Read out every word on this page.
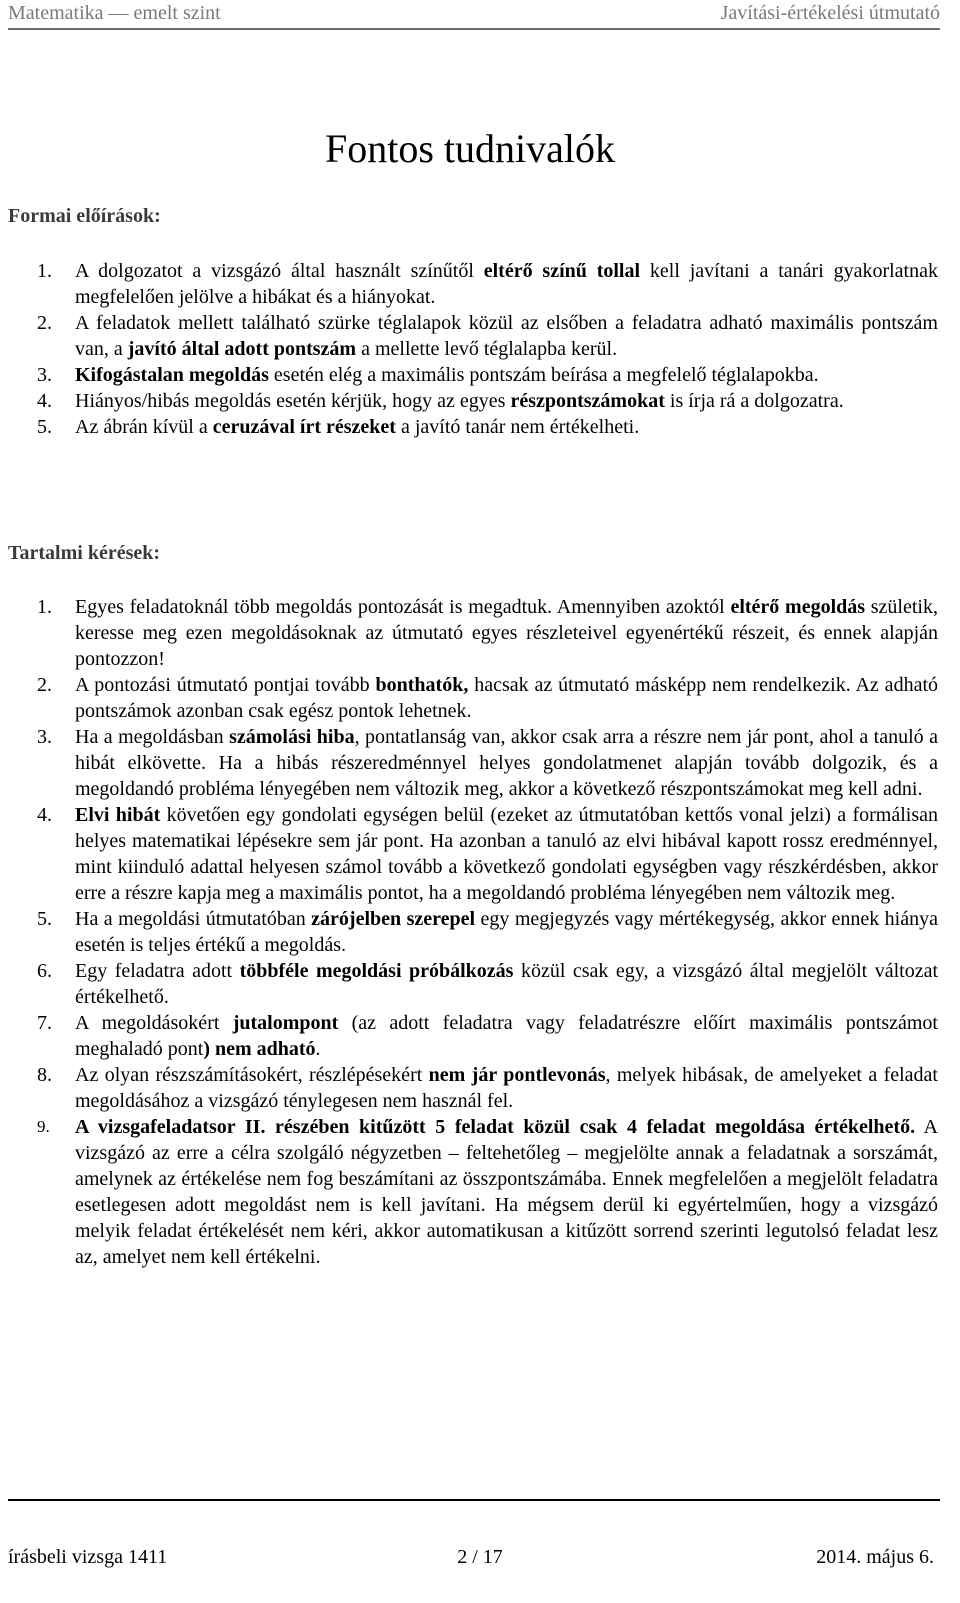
Matematika — emelt szint	Javítási-értékelési útmutató
Fontos tudnivalók
Formai előírások:
1. A dolgozatot a vizsgázó által használt színűtől eltérő színű tollal kell javítani a tanári gyakorlatnak megfelelően jelölve a hibákat és a hiányokat.
2. A feladatok mellett található szürke téglalapok közül az elsőben a feladatra adható maximális pontszám van, a javító által adott pontszám a mellette levő téglalapba kerül.
3. Kifogástalan megoldás esetén elég a maximális pontszám beírása a megfelelő téglalapokba.
4. Hiányos/hibás megoldás esetén kérjük, hogy az egyes részpontszámokat is írja rá a dolgozatra.
5. Az ábrán kívül a ceruzával írt részeket a javító tanár nem értékelheti.
Tartalmi kérések:
1. Egyes feladatoknál több megoldás pontozását is megadtuk. Amennyiben azoktól eltérő megoldás születik, keresse meg ezen megoldásoknak az útmutató egyes részleteivel egyenértékű részeit, és ennek alapján pontozzon!
2. A pontozási útmutató pontjai tovább bonthatók, hacsak az útmutató másképp nem rendelkezik. Az adható pontszámok azonban csak egész pontok lehetnek.
3. Ha a megoldásban számolási hiba, pontatlanság van, akkor csak arra a részre nem jár pont, ahol a tanuló a hibát elkövette. Ha a hibás részeredménnyel helyes gondolatmenet alapján tovább dolgozik, és a megoldandó probléma lényegében nem változik meg, akkor a következő részpontszámokat meg kell adni.
4. Elvi hibát követően egy gondolati egységen belül (ezeket az útmutatóban kettős vonal jelzi) a formálisan helyes matematikai lépésekre sem jár pont. Ha azonban a tanuló az elvi hibával kapott rossz eredménnyel, mint kiinduló adattal helyesen számol tovább a következő gondolati egységben vagy részkérdésben, akkor erre a részre kapja meg a maximális pontot, ha a megoldandó probléma lényegében nem változik meg.
5. Ha a megoldási útmutatóban zárójelben szerepel egy megjegyzés vagy mértékegység, akkor ennek hiánya esetén is teljes értékű a megoldás.
6. Egy feladatra adott többféle megoldási próbálkozás közül csak egy, a vizsgázó által megjelölt változat értékelhető.
7. A megoldásokért jutalompont (az adott feladatra vagy feladatrészre előírt maximális pontszámot meghaladó pont) nem adható.
8. Az olyan részszámításokért, részlépésekért nem jár pontlevonás, melyek hibásak, de amelyeket a feladat megoldásához a vizsgázó ténylegesen nem használ fel.
9. A vizsgafeladatsor II. részében kitűzött 5 feladat közül csak 4 feladat megoldása értékelhető. A vizsgázó az erre a célra szolgáló négyzetben – feltehetőleg – megjelölte annak a feladatnak a sorszámát, amelynek az értékelése nem fog beszámítani az összpontszámába. Ennek megfelelően a megjelölt feladatra esetlegesen adott megoldást nem is kell javítani. Ha mégsem derül ki egyértelműen, hogy a vizsgázó melyik feladat értékelését nem kéri, akkor automatikusan a kitűzött sorrend szerinti legutolsó feladat lesz az, amelyet nem kell értékelni.
írásbeli vizsga 1411	2 / 17	2014. május 6.
